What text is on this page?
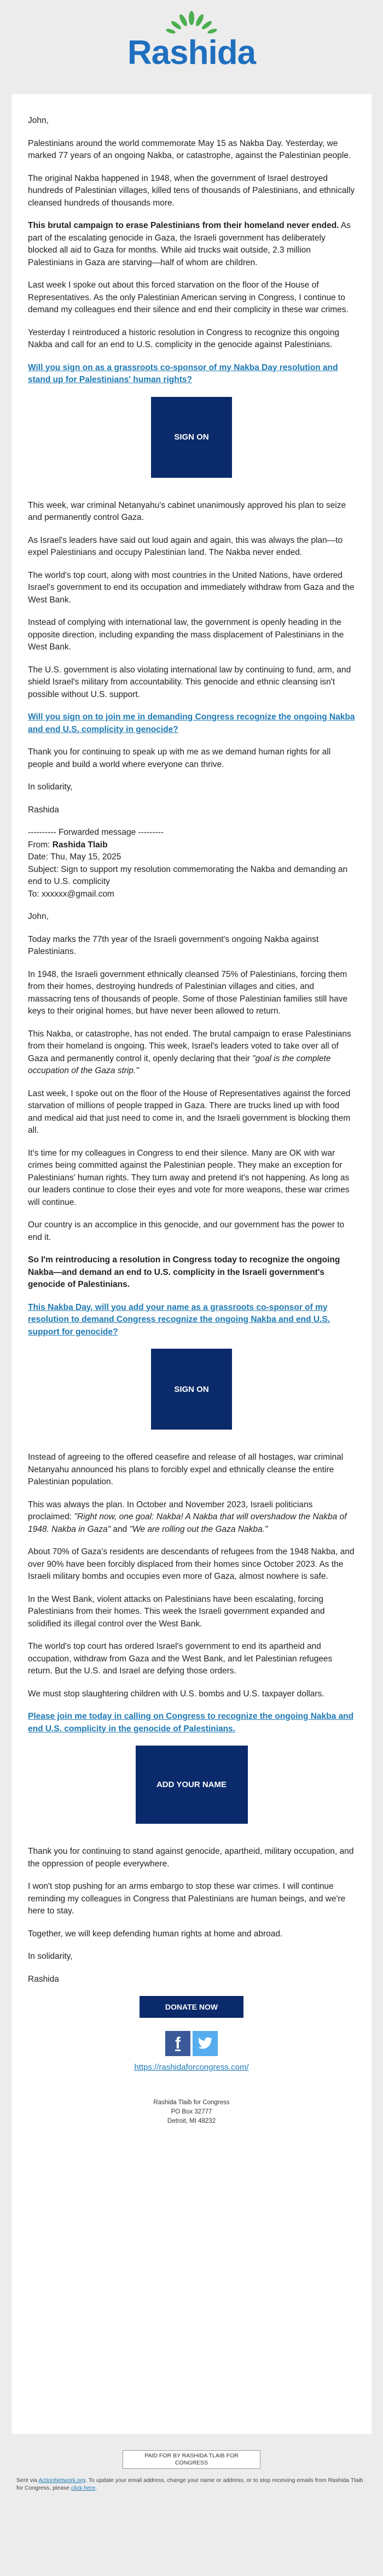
Rashida

John,

Palestinians around the world commemorate May 15 as Nakba Day. Yesterday, we marked 77 years of an ongoing Nakba, or catastrophe, against the Palestinian people.

The original Nakba happened in 1948, when the government of Israel destroyed hundreds of Palestinian villages, killed tens of thousands of Palestinians, and ethnically cleansed hundreds of thousands more.

This brutal campaign to erase Palestinians from their homeland never ended. As part of the escalating genocide in Gaza, the Israeli government has deliberately blocked all aid to Gaza for months. While aid trucks wait outside, 2.3 million Palestinians in Gaza are starving—half of whom are children.

Last week I spoke out about this forced starvation on the floor of the House of Representatives. As the only Palestinian American serving in Congress, I continue to demand my colleagues end their silence and end their complicity in these war crimes.

Yesterday I reintroduced a historic resolution in Congress to recognize this ongoing Nakba and call for an end to U.S. complicity in the genocide against Palestinians.

Will you sign on as a grassroots co-sponsor of my Nakba Day resolution and stand up for Palestinians' human rights?

SIGN ON

This week, war criminal Netanyahu's cabinet unanimously approved his plan to seize and permanently control Gaza.

As Israel's leaders have said out loud again and again, this was always the plan—to expel Palestinians and occupy Palestinian land. The Nakba never ended.

The world's top court, along with most countries in the United Nations, have ordered Israel's government to end its occupation and immediately withdraw from Gaza and the West Bank.

Instead of complying with international law, the government is openly heading in the opposite direction, including expanding the mass displacement of Palestinians in the West Bank.

The U.S. government is also violating international law by continuing to fund, arm, and shield Israel's military from accountability. This genocide and ethnic cleansing isn't possible without U.S. support.

Will you sign on to join me in demanding Congress recognize the ongoing Nakba and end U.S. complicity in genocide?

Thank you for continuing to speak up with me as we demand human rights for all people and build a world where everyone can thrive.

In solidarity,

Rashida

---------- Forwarded message ---------
From: Rashida Tlaib
Date: Thu, May 15, 2025
Subject: Sign to support my resolution commemorating the Nakba and demanding an end to U.S. complicity
To: xxxxxx@gmail.com

John,

Today marks the 77th year of the Israeli government's ongoing Nakba against Palestinians.

In 1948, the Israeli government ethnically cleansed 75% of Palestinians, forcing them from their homes, destroying hundreds of Palestinian villages and cities, and massacring tens of thousands of people. Some of those Palestinian families still have keys to their original homes, but have never been allowed to return.

This Nakba, or catastrophe, has not ended. The brutal campaign to erase Palestinians from their homeland is ongoing. This week, Israel's leaders voted to take over all of Gaza and permanently control it, openly declaring that their "goal is the complete occupation of the Gaza strip."

Last week, I spoke out on the floor of the House of Representatives against the forced starvation of millions of people trapped in Gaza. There are trucks lined up with food and medical aid that just need to come in, and the Israeli government is blocking them all.

It's time for my colleagues in Congress to end their silence. Many are OK with war crimes being committed against the Palestinian people. They make an exception for Palestinians' human rights. They turn away and pretend it's not happening. As long as our leaders continue to close their eyes and vote for more weapons, these war crimes will continue.

Our country is an accomplice in this genocide, and our government has the power to end it.

So I'm reintroducing a resolution in Congress today to recognize the ongoing Nakba—and demand an end to U.S. complicity in the Israeli government's genocide of Palestinians.

This Nakba Day, will you add your name as a grassroots co-sponsor of my resolution to demand Congress recognize the ongoing Nakba and end U.S. support for genocide?

SIGN ON

Instead of agreeing to the offered ceasefire and release of all hostages, war criminal Netanyahu announced his plans to forcibly expel and ethnically cleanse the entire Palestinian population.

This was always the plan. In October and November 2023, Israeli politicians proclaimed: "Right now, one goal: Nakba! A Nakba that will overshadow the Nakba of 1948. Nakba in Gaza" and "We are rolling out the Gaza Nakba."

About 70% of Gaza's residents are descendants of refugees from the 1948 Nakba, and over 90% have been forcibly displaced from their homes since October 2023. As the Israeli military bombs and occupies even more of Gaza, almost nowhere is safe.

In the West Bank, violent attacks on Palestinians have been escalating, forcing Palestinians from their homes. This week the Israeli government expanded and solidified its illegal control over the West Bank.

The world's top court has ordered Israel's government to end its apartheid and occupation, withdraw from Gaza and the West Bank, and let Palestinian refugees return. But the U.S. and Israel are defying those orders.

We must stop slaughtering children with U.S. bombs and U.S. taxpayer dollars.

Please join me today in calling on Congress to recognize the ongoing Nakba and end U.S. complicity in the genocide of Palestinians.

ADD YOUR NAME

Thank you for continuing to stand against genocide, apartheid, military occupation, and the oppression of people everywhere.

I won't stop pushing for an arms embargo to stop these war crimes. I will continue reminding my colleagues in Congress that Palestinians are human beings, and we're here to stay.

Together, we will keep defending human rights at home and abroad.

In solidarity,

Rashida

DONATE NOW
f
https://rashidaforcongress.com/
Rashida Tlaib for Congress
PO Box 32777
Detroit, MI 48232
PAID FOR BY RASHIDA TLAIB FOR CONGRESS
Sent via ActionNetwork.org. To update your email address, change your name or address, or to stop receiving emails from Rashida Tlaib for Congress, please click here.
